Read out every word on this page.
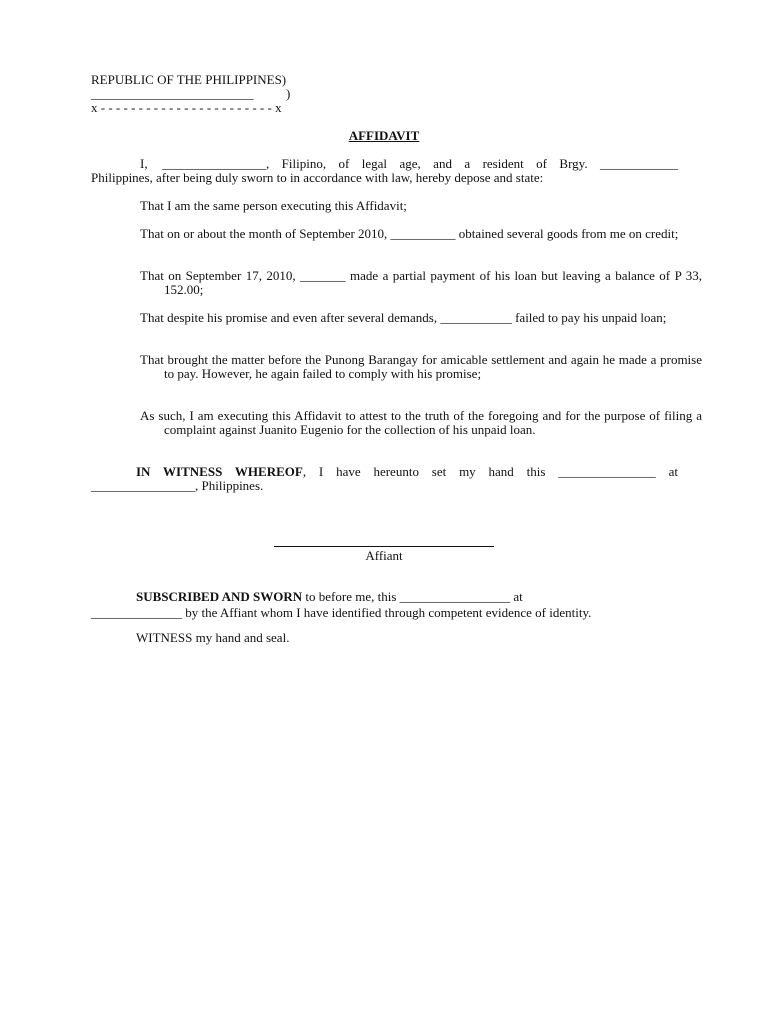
REPUBLIC OF THE PHILIPPINES)
_________________________          )
x - - - - - - - - - - - - - - - - - - - - - - - x
AFFIDAVIT
I, ________________, Filipino, of legal age, and a resident of Brgy. ____________
Philippines, after being duly sworn to in accordance with law, hereby depose and state:
That I am the same person executing this Affidavit;
That on or about the month of September 2010, __________ obtained several goods from me on credit;
That on September 17, 2010, _______ made a partial payment of his loan but leaving a balance of P 33, 152.00;
That despite his promise and even after several demands, ___________ failed to pay his unpaid loan;
That brought the matter before the Punong Barangay for amicable settlement and again he made a promise to pay. However, he again failed to comply with his promise;
As such, I am executing this Affidavit to attest to the truth of the foregoing and for the purpose of filing a complaint against Juanito Eugenio for the collection of his unpaid loan.
IN WITNESS WHEREOF, I have hereunto set my hand this _______________ at
________________, Philippines.
Affiant
SUBSCRIBED AND SWORN to before me, this _________________ at
______________ by the Affiant whom I have identified through competent evidence of identity.
WITNESS my hand and seal.
